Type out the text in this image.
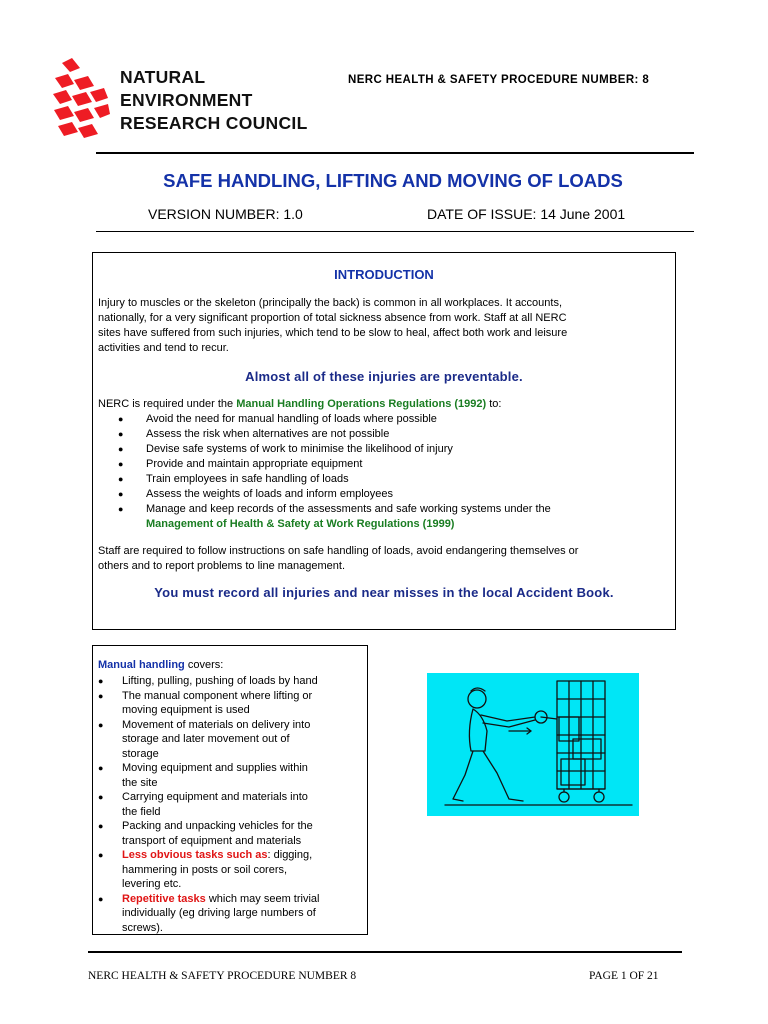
NATURAL
ENVIRONMENT
RESEARCH COUNCIL
NERC HEALTH & SAFETY PROCEDURE NUMBER: 8
SAFE HANDLING, LIFTING AND MOVING OF LOADS
VERSION NUMBER: 1.0	DATE OF ISSUE: 14 June 2001
INTRODUCTION
Injury to muscles or the skeleton (principally the back) is common in all workplaces. It accounts,
nationally, for a very significant proportion of total sickness absence from work. Staff at all NERC
sites have suffered from such injuries, which tend to be slow to heal, affect both work and leisure
activities and tend to recur.
Almost all of these injuries are preventable.
NERC is required under the Manual Handling Operations Regulations (1992) to:
● Avoid the need for manual handling of loads where possible
● Assess the risk when alternatives are not possible
● Devise safe systems of work to minimise the likelihood of injury
● Provide and maintain appropriate equipment
● Train employees in safe handling of loads
● Assess the weights of loads and inform employees
● Manage and keep records of the assessments and safe working systems under the
Management of Health & Safety at Work Regulations (1999)
Staff are required to follow instructions on safe handling of loads, avoid endangering themselves or
others and to report problems to line management.
You must record all injuries and near misses in the local Accident Book.
Manual handling covers:
● Lifting, pulling, pushing of loads by hand
● The manual component where lifting or
moving equipment is used
● Movement of materials on delivery into
storage and later movement out of
storage
● Moving equipment and supplies within
the site
● Carrying equipment and materials into
the field
● Packing and unpacking vehicles for the
transport of equipment and materials
● Less obvious tasks such as: digging,
hammering in posts or soil corers,
levering etc.
● Repetitive tasks which may seem trivial
individually (eg driving large numbers of
screws).
NERC HEALTH & SAFETY PROCEDURE NUMBER 8	PAGE 1 OF 21
